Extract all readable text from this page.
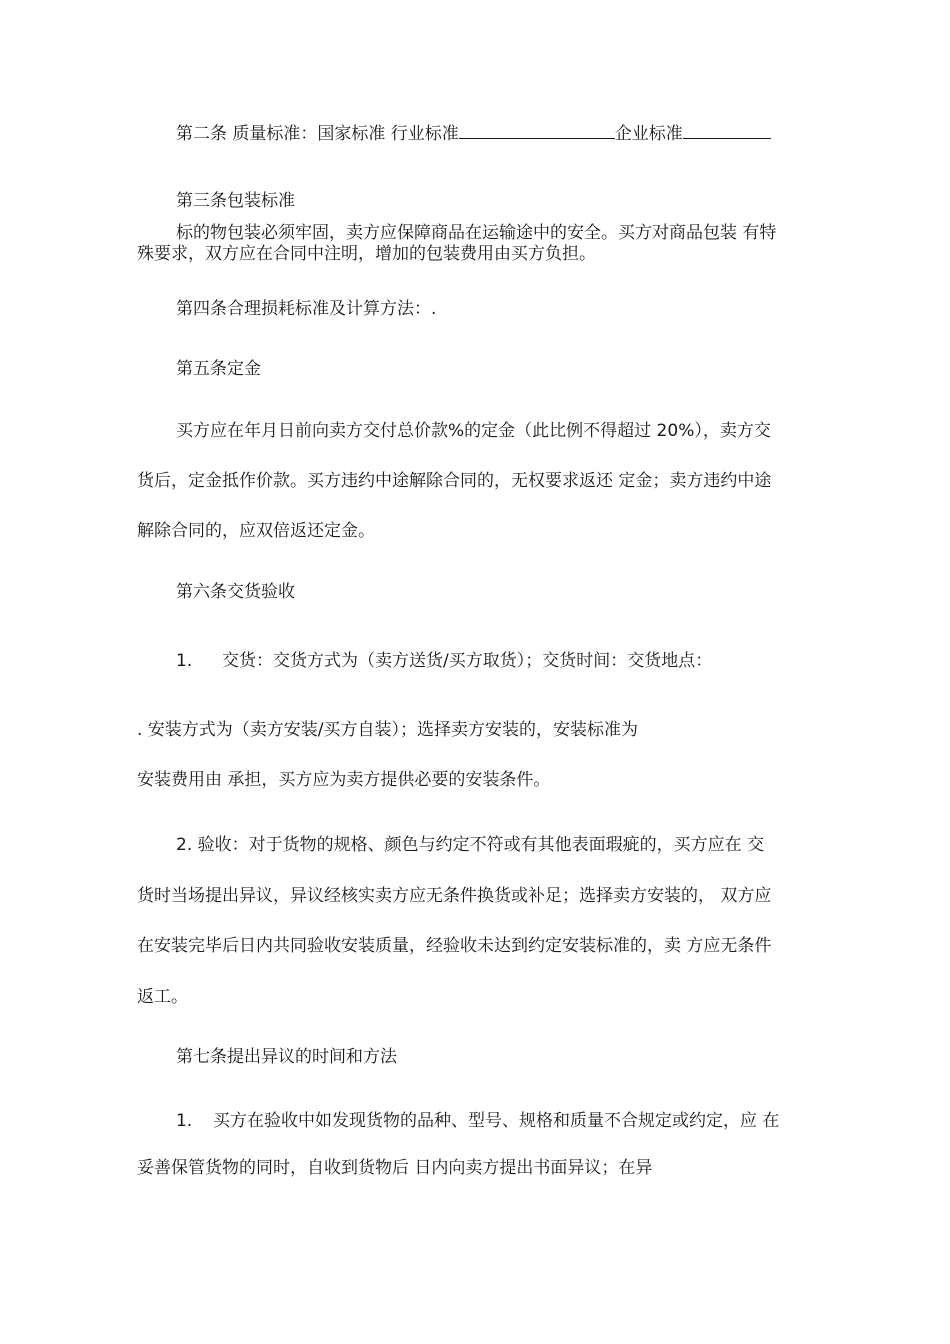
第二条 质量标准：国家标准 行业标准	企业标准
第三条包装标准
标的物包装必须牢固，卖方应保障商品在运输途中的安全。买方对商品包装 有特
殊要求，双方应在合同中注明，增加的包装费用由买方负担。
第四条合理损耗标准及计算方法：.
第五条定金
买方应在年月日前向卖方交付总价款%的定金（此比例不得超过 20%），卖方交
货后，定金抵作价款。买方违约中途解除合同的，无权要求返还 定金；卖方违约中途
解除合同的，应双倍返还定金。
第六条交货验收
1. 交货：交货方式为（卖方送货/买方取货）；交货时间：交货地点：
. 安装方式为（卖方安装/买方自装）；选择卖方安装的，安装标准为
安装费用由 承担，买方应为卖方提供必要的安装条件。
2. 验收：对于货物的规格、颜色与约定不符或有其他表面瑕疵的，买方应在 交
货时当场提出异议，异议经核实卖方应无条件换货或补足；选择卖方安装的， 双方应
在安装完毕后日内共同验收安装质量，经验收未达到约定安装标准的，卖 方应无条件
返工。
第七条提出异议的时间和方法
1. 买方在验收中如发现货物的品种、型号、规格和质量不合规定或约定，应 在
妥善保管货物的同时，自收到货物后 日内向卖方提出书面异议；在异
